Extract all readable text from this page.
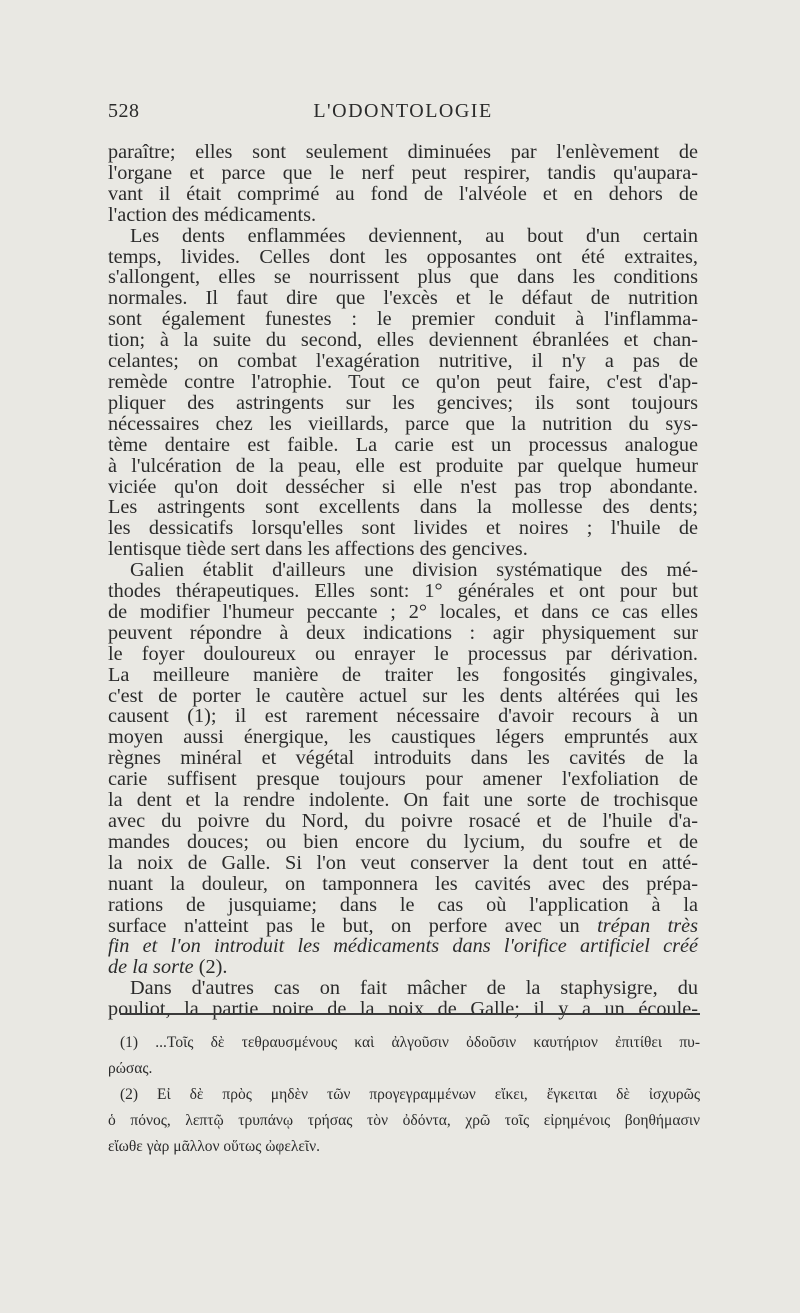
528	L'ODONTOLOGIE
paraître; elles sont seulement diminuées par l'enlèvement de
l'organe et parce que le nerf peut respirer, tandis qu'aupara-
vant il était comprimé au fond de l'alvéole et en dehors de
l'action des médicaments.
Les dents enflammées deviennent, au bout d'un certain
temps, livides. Celles dont les opposantes ont été extraites,
s'allongent, elles se nourrissent plus que dans les conditions
normales. Il faut dire que l'excès et le défaut de nutrition
sont également funestes : le premier conduit à l'inflamma-
tion; à la suite du second, elles deviennent ébranlées et chan-
celantes; on combat l'exagération nutritive, il n'y a pas de
remède contre l'atrophie. Tout ce qu'on peut faire, c'est d'ap-
pliquer des astringents sur les gencives; ils sont toujours
nécessaires chez les vieillards, parce que la nutrition du sys-
tème dentaire est faible. La carie est un processus analogue
à l'ulcération de la peau, elle est produite par quelque humeur
viciée qu'on doit dessécher si elle n'est pas trop abondante.
Les astringents sont excellents dans la mollesse des dents;
les dessicatifs lorsqu'elles sont livides et noires ; l'huile de
lentisque tiède sert dans les affections des gencives.
Galien établit d'ailleurs une division systématique des mé-
thodes thérapeutiques. Elles sont: 1° générales et ont pour but
de modifier l'humeur peccante ; 2° locales, et dans ce cas elles
peuvent répondre à deux indications : agir physiquement sur
le foyer douloureux ou enrayer le processus par dérivation.
La meilleure manière de traiter les fongosités gingivales,
c'est de porter le cautère actuel sur les dents altérées qui les
causent (1); il est rarement nécessaire d'avoir recours à un
moyen aussi énergique, les caustiques légers empruntés aux
règnes minéral et végétal introduits dans les cavités de la
carie suffisent presque toujours pour amener l'exfoliation de
la dent et la rendre indolente. On fait une sorte de trochisque
avec du poivre du Nord, du poivre rosacé et de l'huile d'a-
mandes douces; ou bien encore du lycium, du soufre et de
la noix de Galle. Si l'on veut conserver la dent tout en atté-
nuant la douleur, on tamponnera les cavités avec des prépa-
rations de jusquiame; dans le cas où l'application à la
surface n'atteint pas le but, on perfore avec un trépan très
fin et l'on introduit les médicaments dans l'orifice artificiel créé
de la sorte (2).
Dans d'autres cas on fait mâcher de la staphysigre, du
pouliot, la partie noire de la noix de Galle; il y a un écoule-
(1) ...Τοῖς δὲ τεθραυσμένους καὶ ἀλγοῦσιν ὀδοῦσιν καυτήριον ἐπιτίθει πυ-
ρώσας.
(2) Εἰ δὲ πρὸς μηδὲν τῶν προγεγραμμένων εἴκει, ἔγκειται δὲ ἰσχυρῶς
ὁ πόνος, λεπτῷ τρυπάνῳ τρήσας τὸν ὀδόντα, χρῶ τοῖς εἰρημένοις βοηθήμασιν
εἴωθε γὰρ μᾶλλον οὕτως ὠφελεῖν.
